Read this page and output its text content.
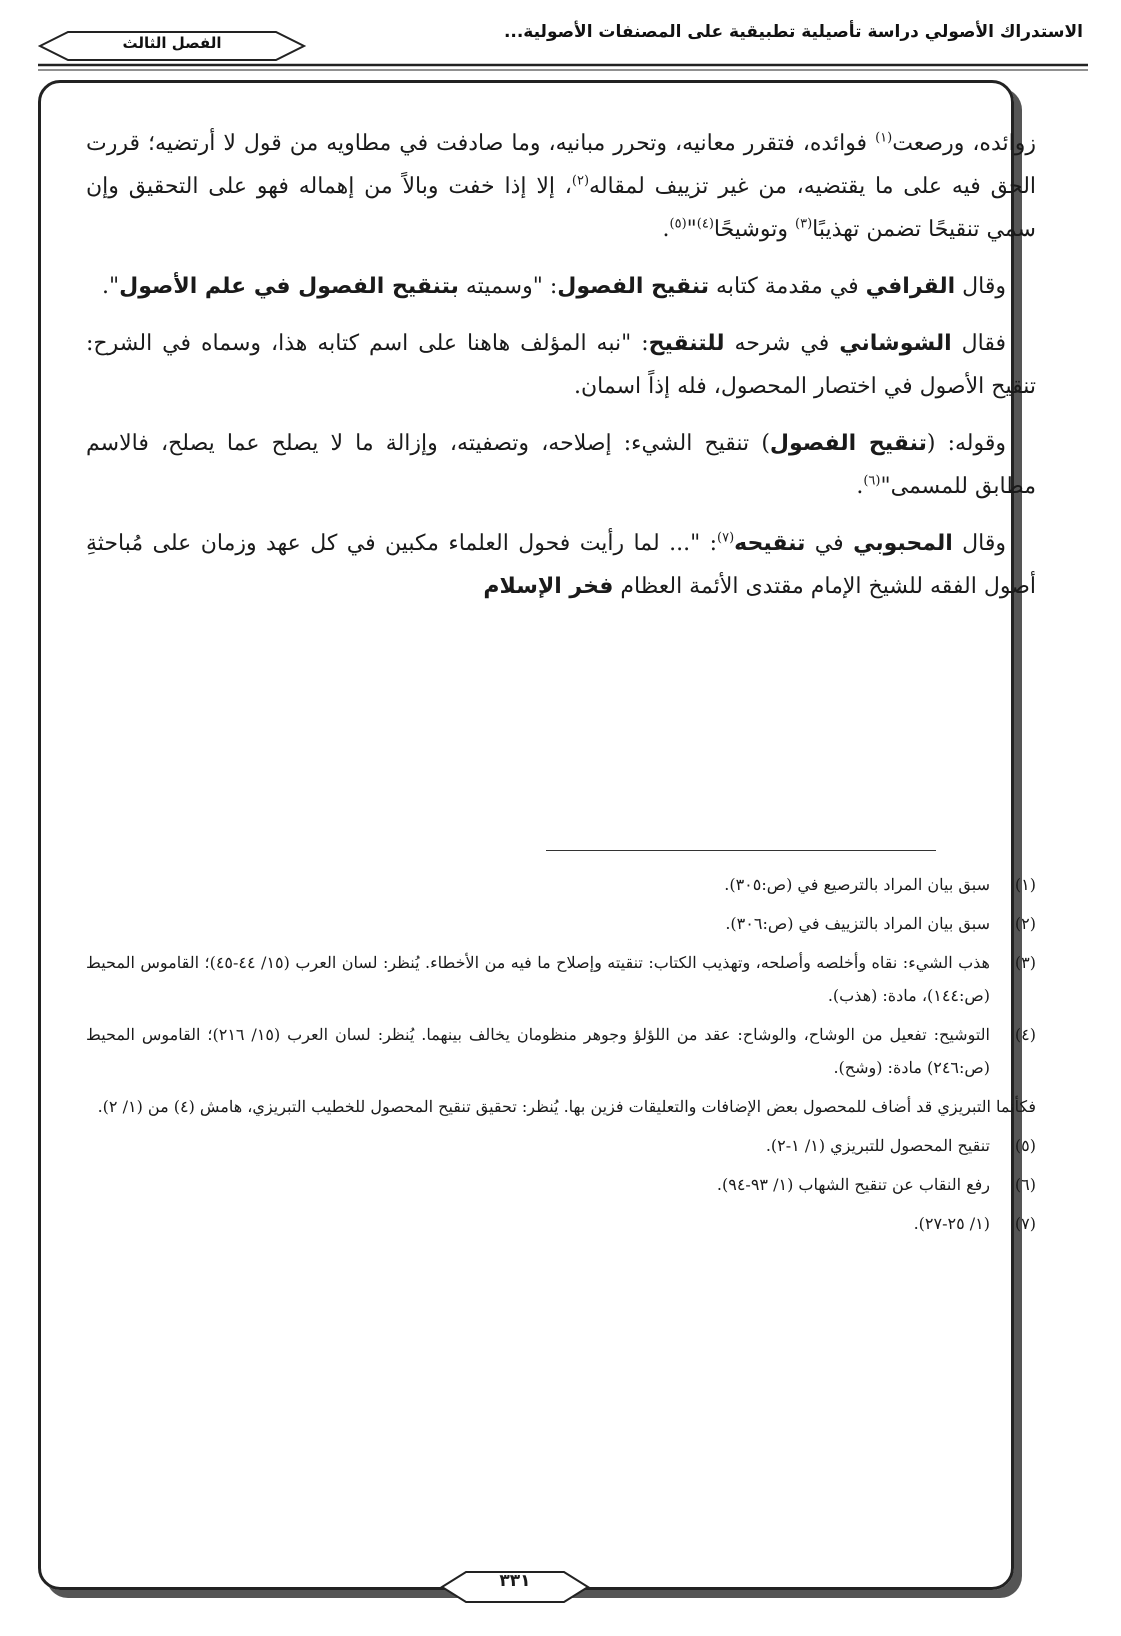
الاستدراك الأصولي دراسة تأصيلية تطبيقية على المصنفات الأصولية...
الفصل الثالث

زوائده، ورصعت$^{(١)}$ فوائده، فتقرر معانيه، وتحرر مبانيه، وما صادفت في مطاويه من قول لا أرتضيه؛ قررت الحق فيه على ما يقتضيه، من غير تزييف لمقاله$^{(٢)}$، إلا إذا خفت وبالاً من إهماله فهو على التحقيق وإن سمي تنقيحًا تضمن تهذيبًا$^{(٣)}$ وتوشيحًا$^{(٤)}$"$^{(٥)}$.

وقال القرافي في مقدمة كتابه تنقيح الفصول: "وسميته بتنقيح الفصول في علم الأصول".

فقال الشوشاني في شرحه للتنقيح: "نبه المؤلف هاهنا على اسم كتابه هذا، وسماه في الشرح: تنقيح الأصول في اختصار المحصول، فله إذاً اسمان.

وقوله: (تنقيح الفصول) تنقيح الشيء: إصلاحه، وتصفيته، وإزالة ما لا يصلح عما يصلح، فالاسم مطابق للمسمى"$^{(٦)}$.

وقال المحبوبي في تنقيحه$^{(٧)}$: "... لما رأيت فحول العلماء مكبين في كل عهد وزمان على مُباحثةِ أصول الفقه للشيخ الإمام مقتدى الأئمة العظام فخر الإسلام

(١)
سبق بيان المراد بالترصيع في (ص:٣٠٥).
(٢)
سبق بيان المراد بالتزييف في (ص:٣٠٦).
(٣)
هذب الشيء: نقاه وأخلصه وأصلحه، وتهذيب الكتاب: تنقيته وإصلاح ما فيه من الأخطاء. يُنظر: لسان العرب (١٥/ ٤٤-٤٥)؛ القاموس المحيط (ص:١٤٤)، مادة: (هذب).
(٤)
التوشيح: تفعيل من الوشاح، والوشاح: عقد من اللؤلؤ وجوهر منظومان يخالف بينهما. يُنظر: لسان العرب (١٥/ ٢١٦)؛ القاموس المحيط (ص:٢٤٦) مادة: (وشح).
فكأنما التبريزي قد أضاف للمحصول بعض الإضافات والتعليقات فزين بها. يُنظر: تحقيق تنقيح المحصول للخطيب التبريزي، هامش (٤) من (١/ ٢).
(٥)
تنقيح المحصول للتبريزي (١/ ١-٢).
(٦)
رفع النقاب عن تنقيح الشهاب (١/ ٩٣-٩٤).
(٧)
(١/ ٢٥-٢٧).
٣٣١
